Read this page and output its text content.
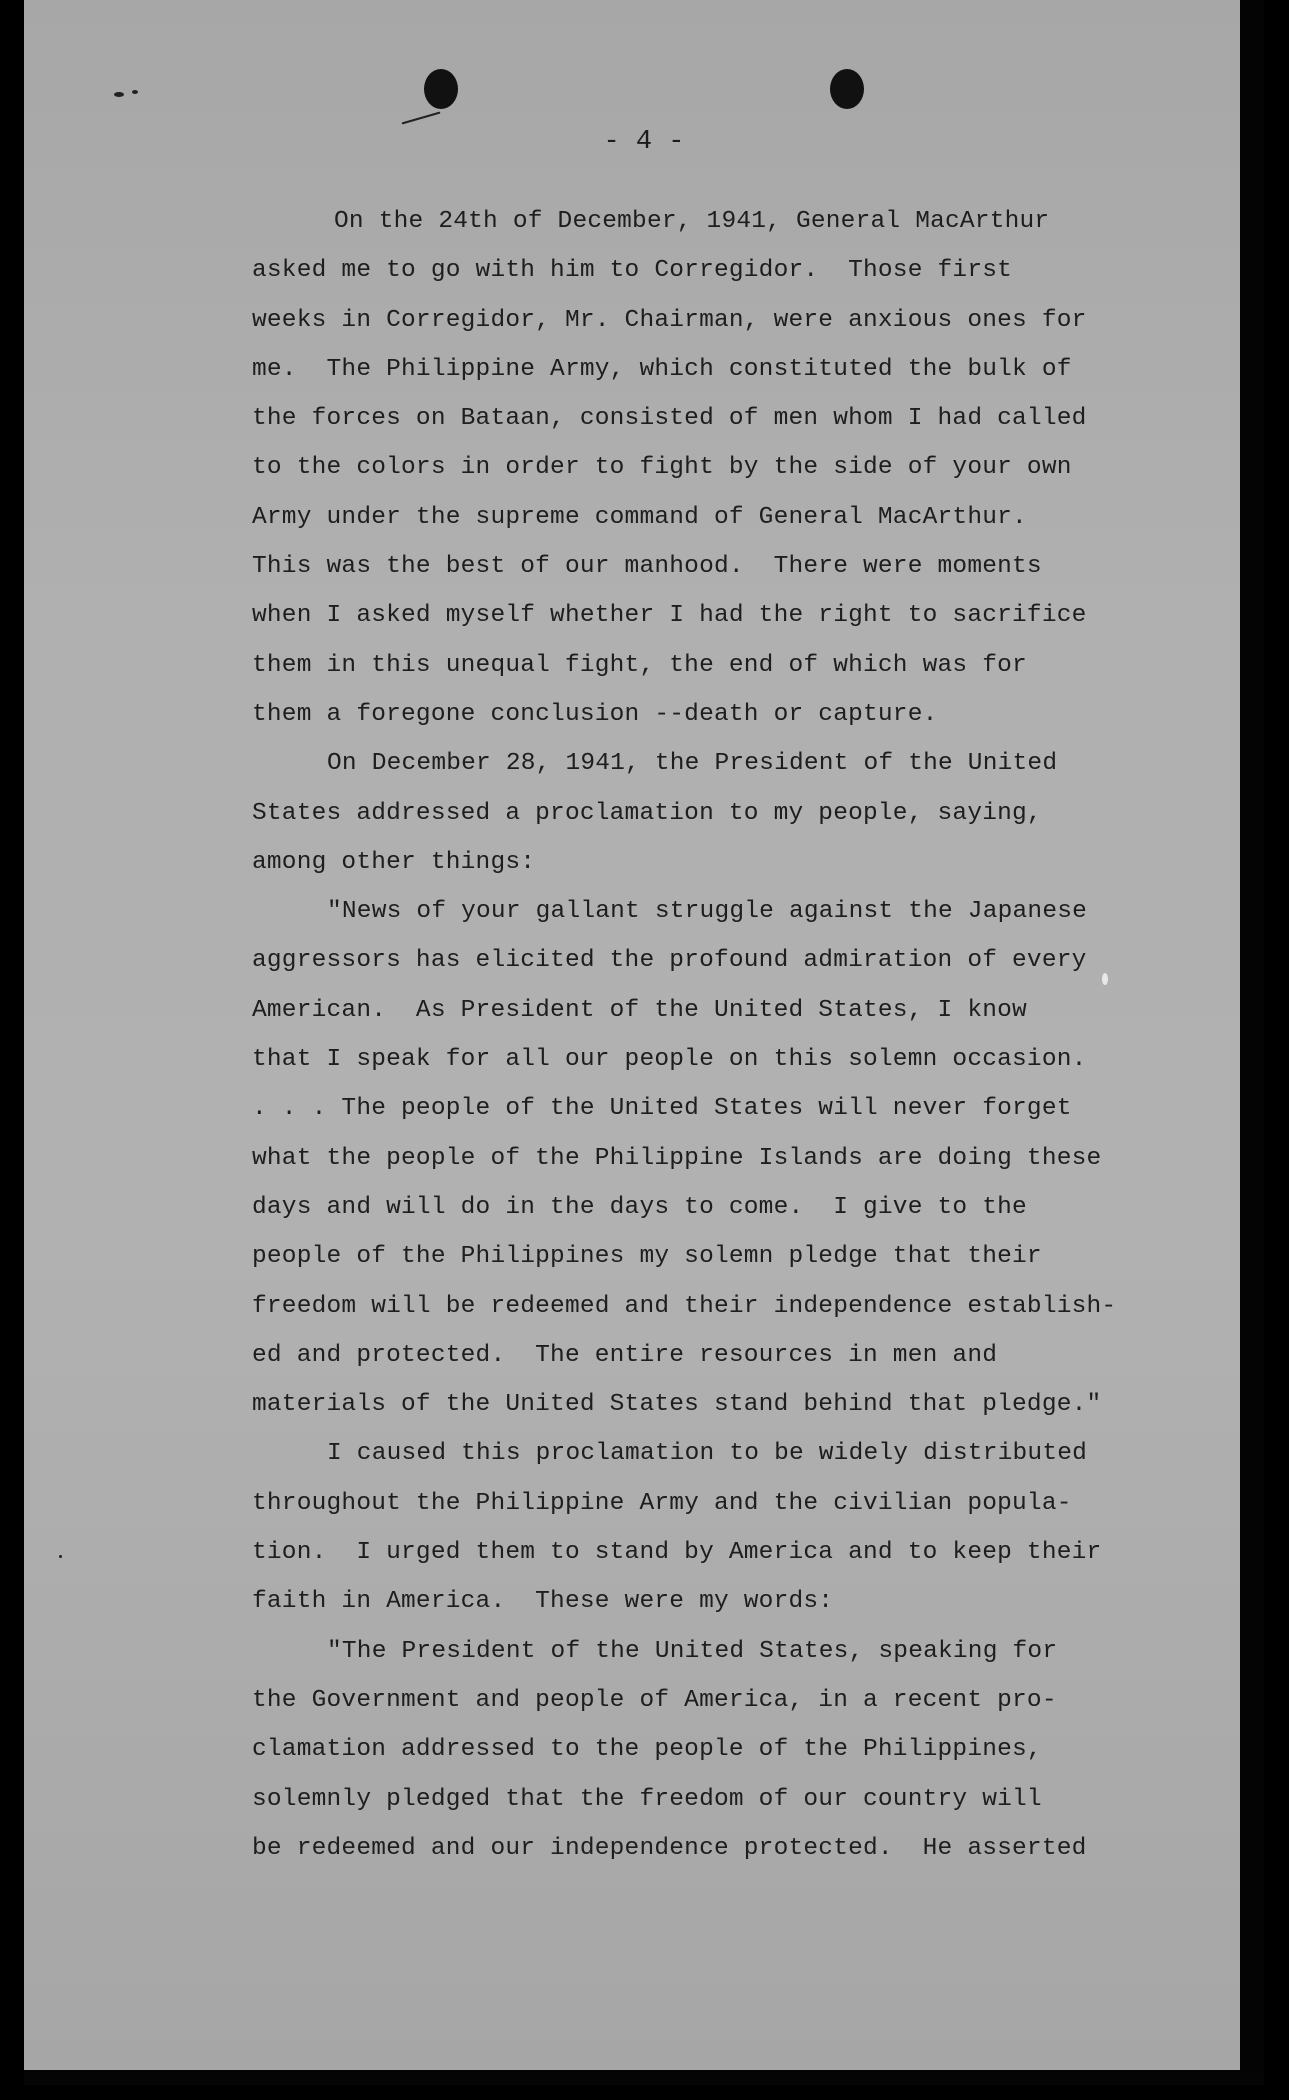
- 4 -
On the 24th of December, 1941, General MacArthur
asked me to go with him to Corregidor.  Those first
weeks in Corregidor, Mr. Chairman, were anxious ones for
me.  The Philippine Army, which constituted the bulk of
the forces on Bataan, consisted of men whom I had called
to the colors in order to fight by the side of your own
Army under the supreme command of General MacArthur.
This was the best of our manhood.  There were moments
when I asked myself whether I had the right to sacrifice
them in this unequal fight, the end of which was for
them a foregone conclusion --death or capture.
On December 28, 1941, the President of the United
States addressed a proclamation to my people, saying,
among other things:
"News of your gallant struggle against the Japanese
aggressors has elicited the profound admiration of every
American.  As President of the United States, I know
that I speak for all our people on this solemn occasion.
. . . The people of the United States will never forget
what the people of the Philippine Islands are doing these
days and will do in the days to come.  I give to the
people of the Philippines my solemn pledge that their
freedom will be redeemed and their independence establish-
ed and protected.  The entire resources in men and
materials of the United States stand behind that pledge."
I caused this proclamation to be widely distributed
throughout the Philippine Army and the civilian popula-
tion.  I urged them to stand by America and to keep their
faith in America.  These were my words:
"The President of the United States, speaking for
the Government and people of America, in a recent pro-
clamation addressed to the people of the Philippines,
solemnly pledged that the freedom of our country will
be redeemed and our independence protected.  He asserted
